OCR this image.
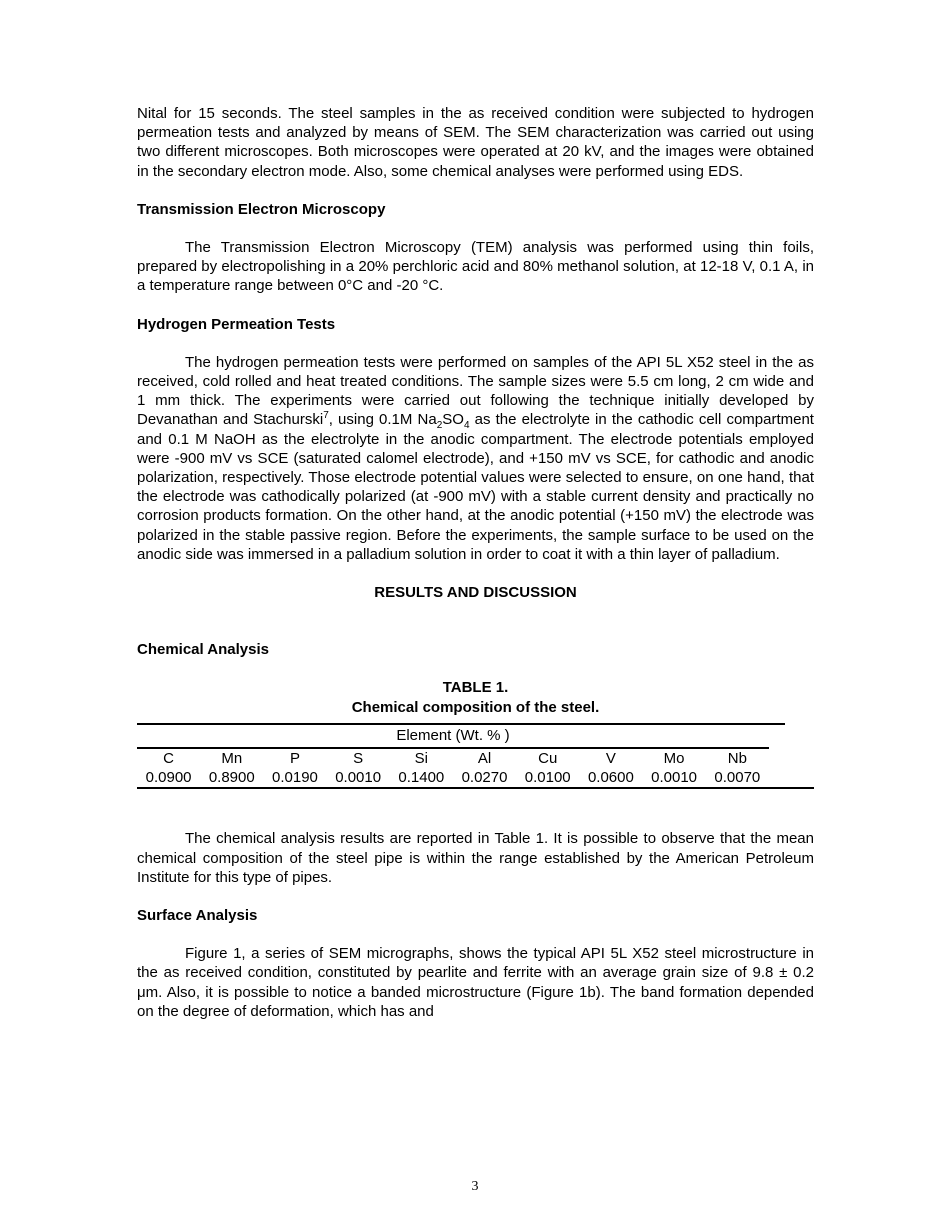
Nital for 15 seconds. The steel samples in the as received condition were subjected to hydrogen permeation tests and analyzed by means of SEM. The SEM characterization was carried out using two different microscopes. Both microscopes were operated at 20 kV, and the images were obtained in the secondary electron mode. Also, some chemical analyses were performed using EDS.

Transmission Electron Microscopy

The Transmission Electron Microscopy (TEM) analysis was performed using thin foils, prepared by electropolishing in a 20% perchloric acid and 80% methanol solution, at 12-18 V, 0.1 A, in a temperature range between 0°C and -20 °C.

Hydrogen Permeation Tests

The hydrogen permeation tests were performed on samples of the API 5L X52 steel in the as received, cold rolled and heat treated conditions. The sample sizes were 5.5 cm long, 2 cm wide and 1 mm thick. The experiments were carried out following the technique initially developed by Devanathan and Stachurski$^7$, using 0.1M $Na_2SO_4$ as the electrolyte in the cathodic cell compartment and 0.1 M NaOH as the electrolyte in the anodic compartment. The electrode potentials employed were -900 mV vs SCE (saturated calomel electrode), and +150 mV vs SCE, for cathodic and anodic polarization, respectively. Those electrode potential values were selected to ensure, on one hand, that the electrode was cathodically polarized (at -900 mV) with a stable current density and practically no corrosion products formation. On the other hand, at the anodic potential (+150 mV) the electrode was polarized in the stable passive region. Before the experiments, the sample surface to be used on the anodic side was immersed in a palladium solution in order to coat it with a thin layer of palladium.

RESULTS AND DISCUSSION
Chemical Analysis
TABLE 1.
Chemical composition of the steel.
Element (Wt. % )										

C	Mn	P	S	Si	Al	Cu	V	Mo	Nb	
0.0900	0.8900	0.0190	0.0010	0.1400	0.0270	0.0100	0.0600	0.0010	0.0070	

The chemical analysis results are reported in Table 1. It is possible to observe that the mean chemical composition of the steel pipe is within the range established by the American Petroleum Institute for this type of pipes.

Surface Analysis

Figure 1, a series of SEM micrographs, shows the typical API 5L X52 steel microstructure in the as received condition, constituted by pearlite and ferrite with an average grain size of 9.8 ± 0.2 μm. Also, it is possible to notice a banded microstructure (Figure 1b). The band formation depended on the degree of deformation, which has and

3
